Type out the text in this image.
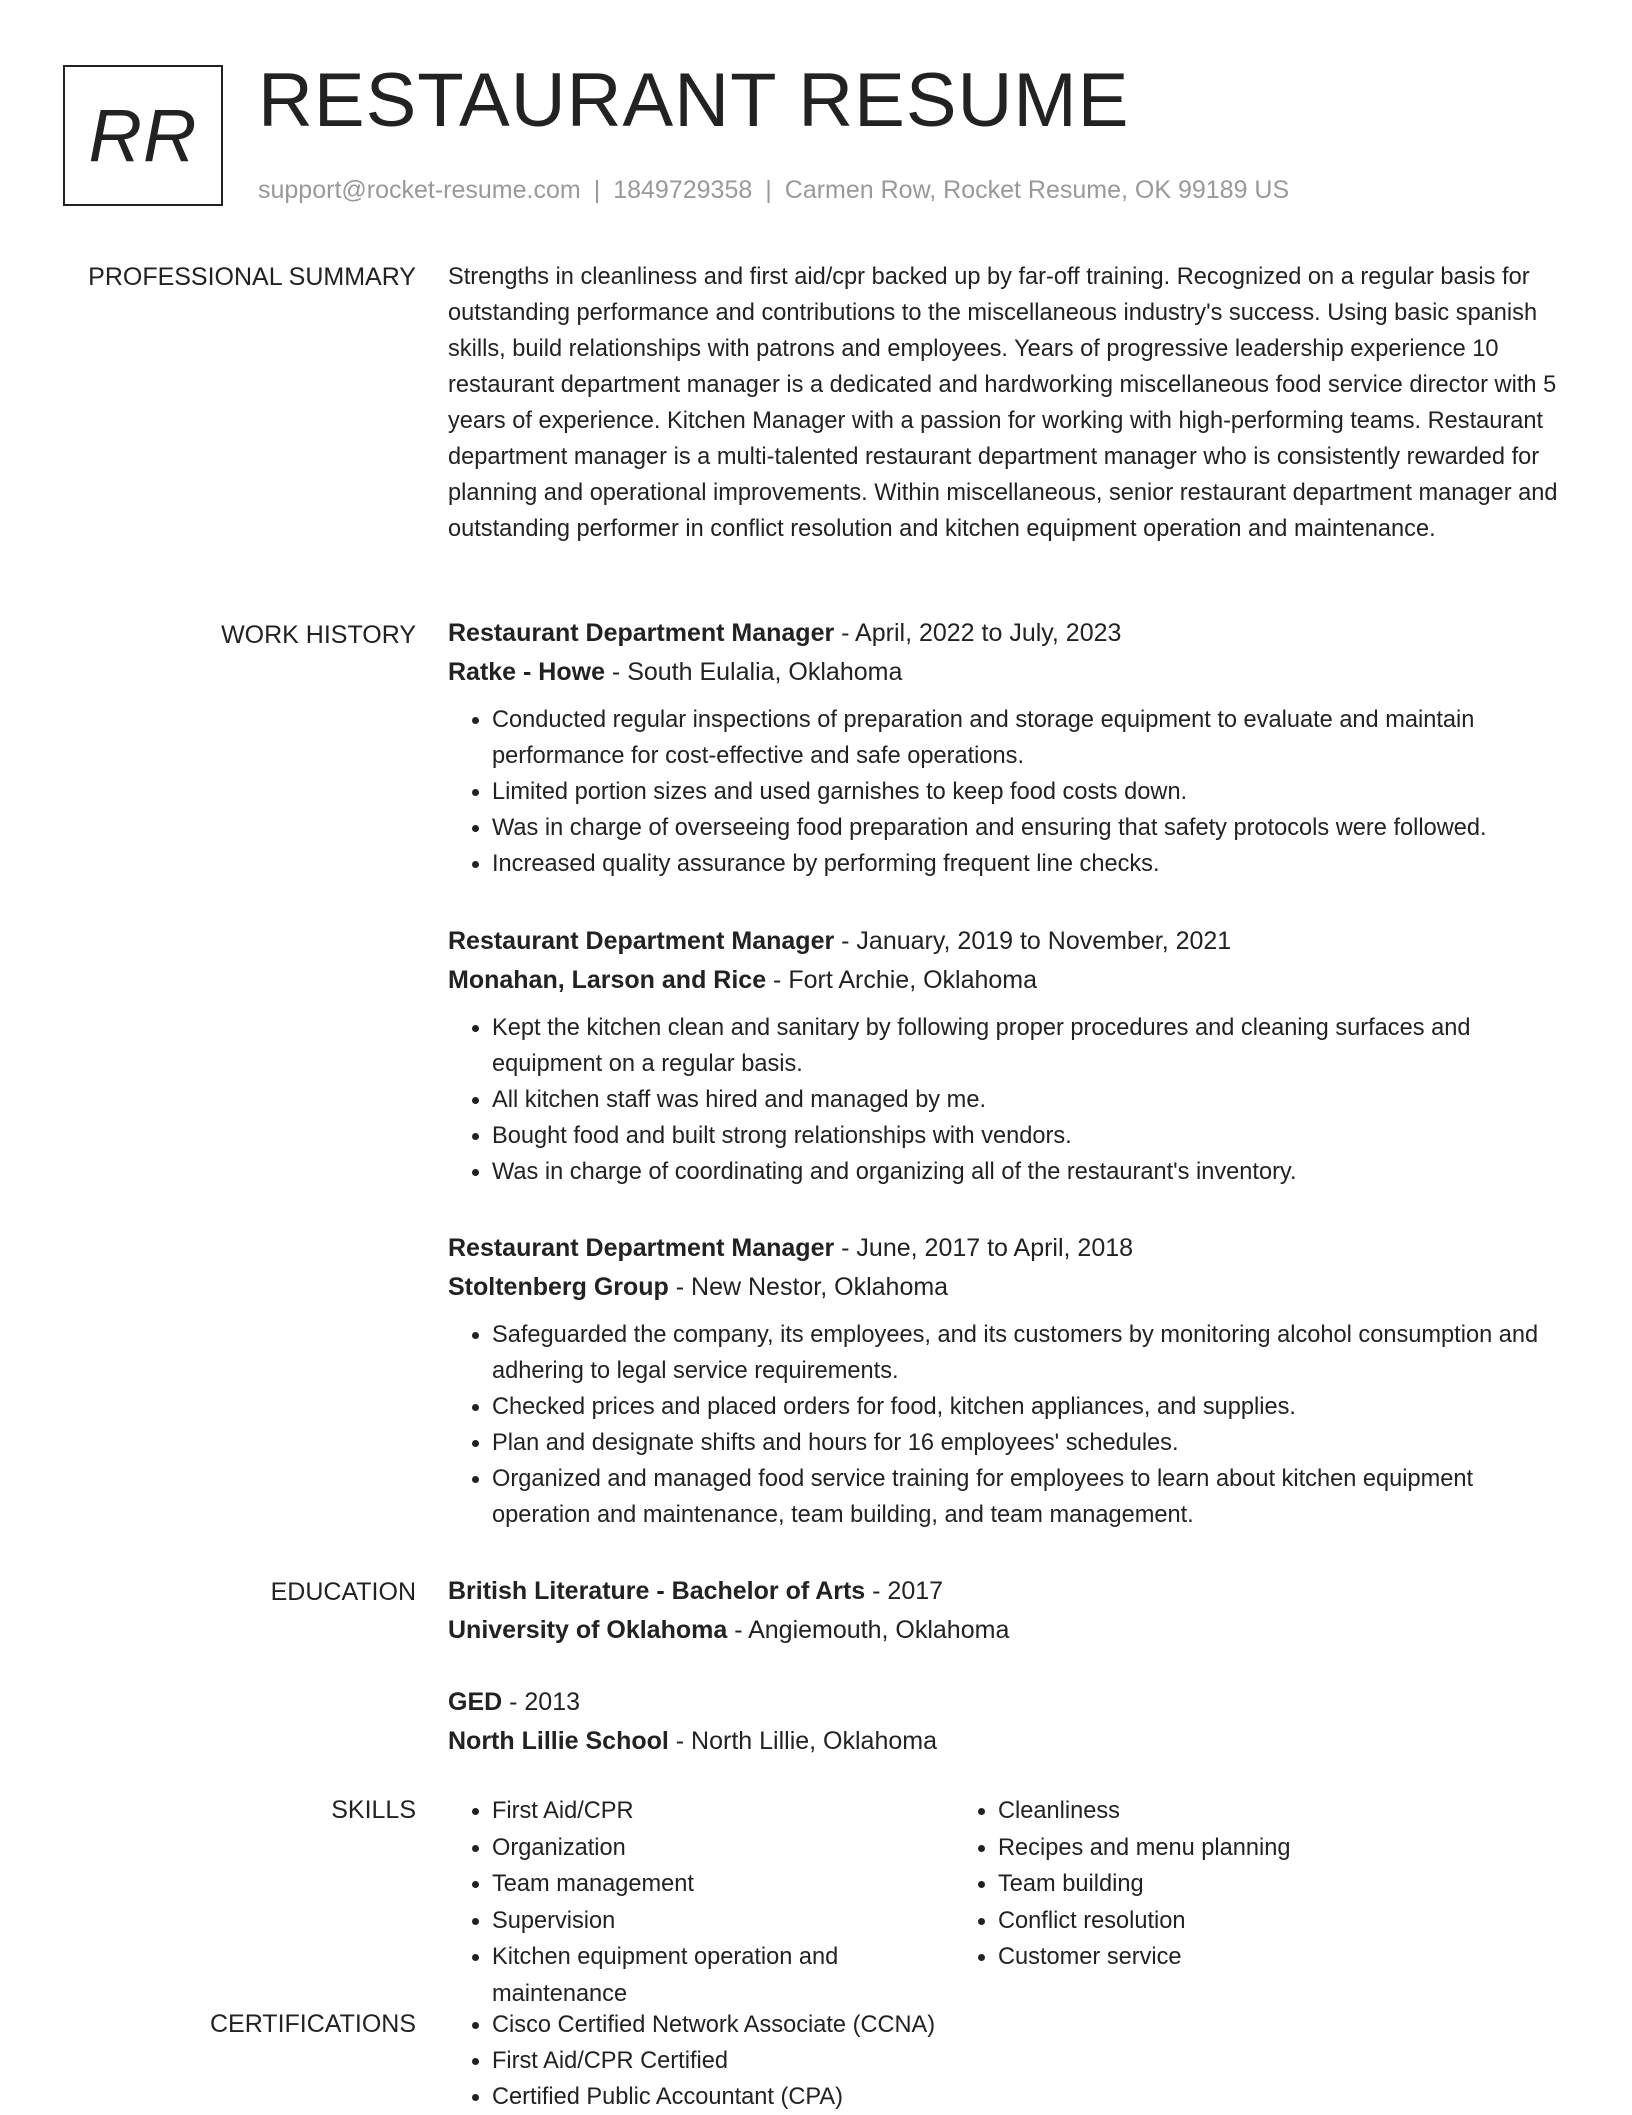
RR RESTAURANT RESUME
support@rocket-resume.com | 1849729358 | Carmen Row, Rocket Resume, OK 99189 US
PROFESSIONAL SUMMARY Strengths in cleanliness and first aid/cpr backed up by far-off training. Recognized on a regular basis for outstanding performance and contributions to the miscellaneous industry's success. Using basic spanish skills, build relationships with patrons and employees. Years of progressive leadership experience 10 restaurant department manager is a dedicated and hardworking miscellaneous food service director with 5 years of experience. Kitchen Manager with a passion for working with high-performing teams. Restaurant department manager is a multi-talented restaurant department manager who is consistently rewarded for planning and operational improvements. Within miscellaneous, senior restaurant department manager and outstanding performer in conflict resolution and kitchen equipment operation and maintenance.
WORK HISTORY Restaurant Department Manager - April, 2022 to July, 2023
Ratke - Howe - South Eulalia, Oklahoma
• Conducted regular inspections of preparation and storage equipment to evaluate and maintain performance for cost-effective and safe operations.
• Limited portion sizes and used garnishes to keep food costs down.
• Was in charge of overseeing food preparation and ensuring that safety protocols were followed.
• Increased quality assurance by performing frequent line checks.
Restaurant Department Manager - January, 2019 to November, 2021
Monahan, Larson and Rice - Fort Archie, Oklahoma
• Kept the kitchen clean and sanitary by following proper procedures and cleaning surfaces and equipment on a regular basis.
• All kitchen staff was hired and managed by me.
• Bought food and built strong relationships with vendors.
• Was in charge of coordinating and organizing all of the restaurant's inventory.
Restaurant Department Manager - June, 2017 to April, 2018
Stoltenberg Group - New Nestor, Oklahoma
• Safeguarded the company, its employees, and its customers by monitoring alcohol consumption and adhering to legal service requirements.
• Checked prices and placed orders for food, kitchen appliances, and supplies.
• Plan and designate shifts and hours for 16 employees' schedules.
• Organized and managed food service training for employees to learn about kitchen equipment operation and maintenance, team building, and team management.
EDUCATION British Literature - Bachelor of Arts - 2017
University of Oklahoma - Angiemouth, Oklahoma
GED - 2013
North Lillie School - North Lillie, Oklahoma
SKILLS	• First Aid/CPR
• Organization
• Team management
• Supervision
• Kitchen equipment operation and maintenance
• Cleanliness
• Recipes and menu planning
• Team building
• Conflict resolution
• Customer service
CERTIFICATIONS	• Cisco Certified Network Associate (CCNA)
• First Aid/CPR Certified
• Certified Public Accountant (CPA)
